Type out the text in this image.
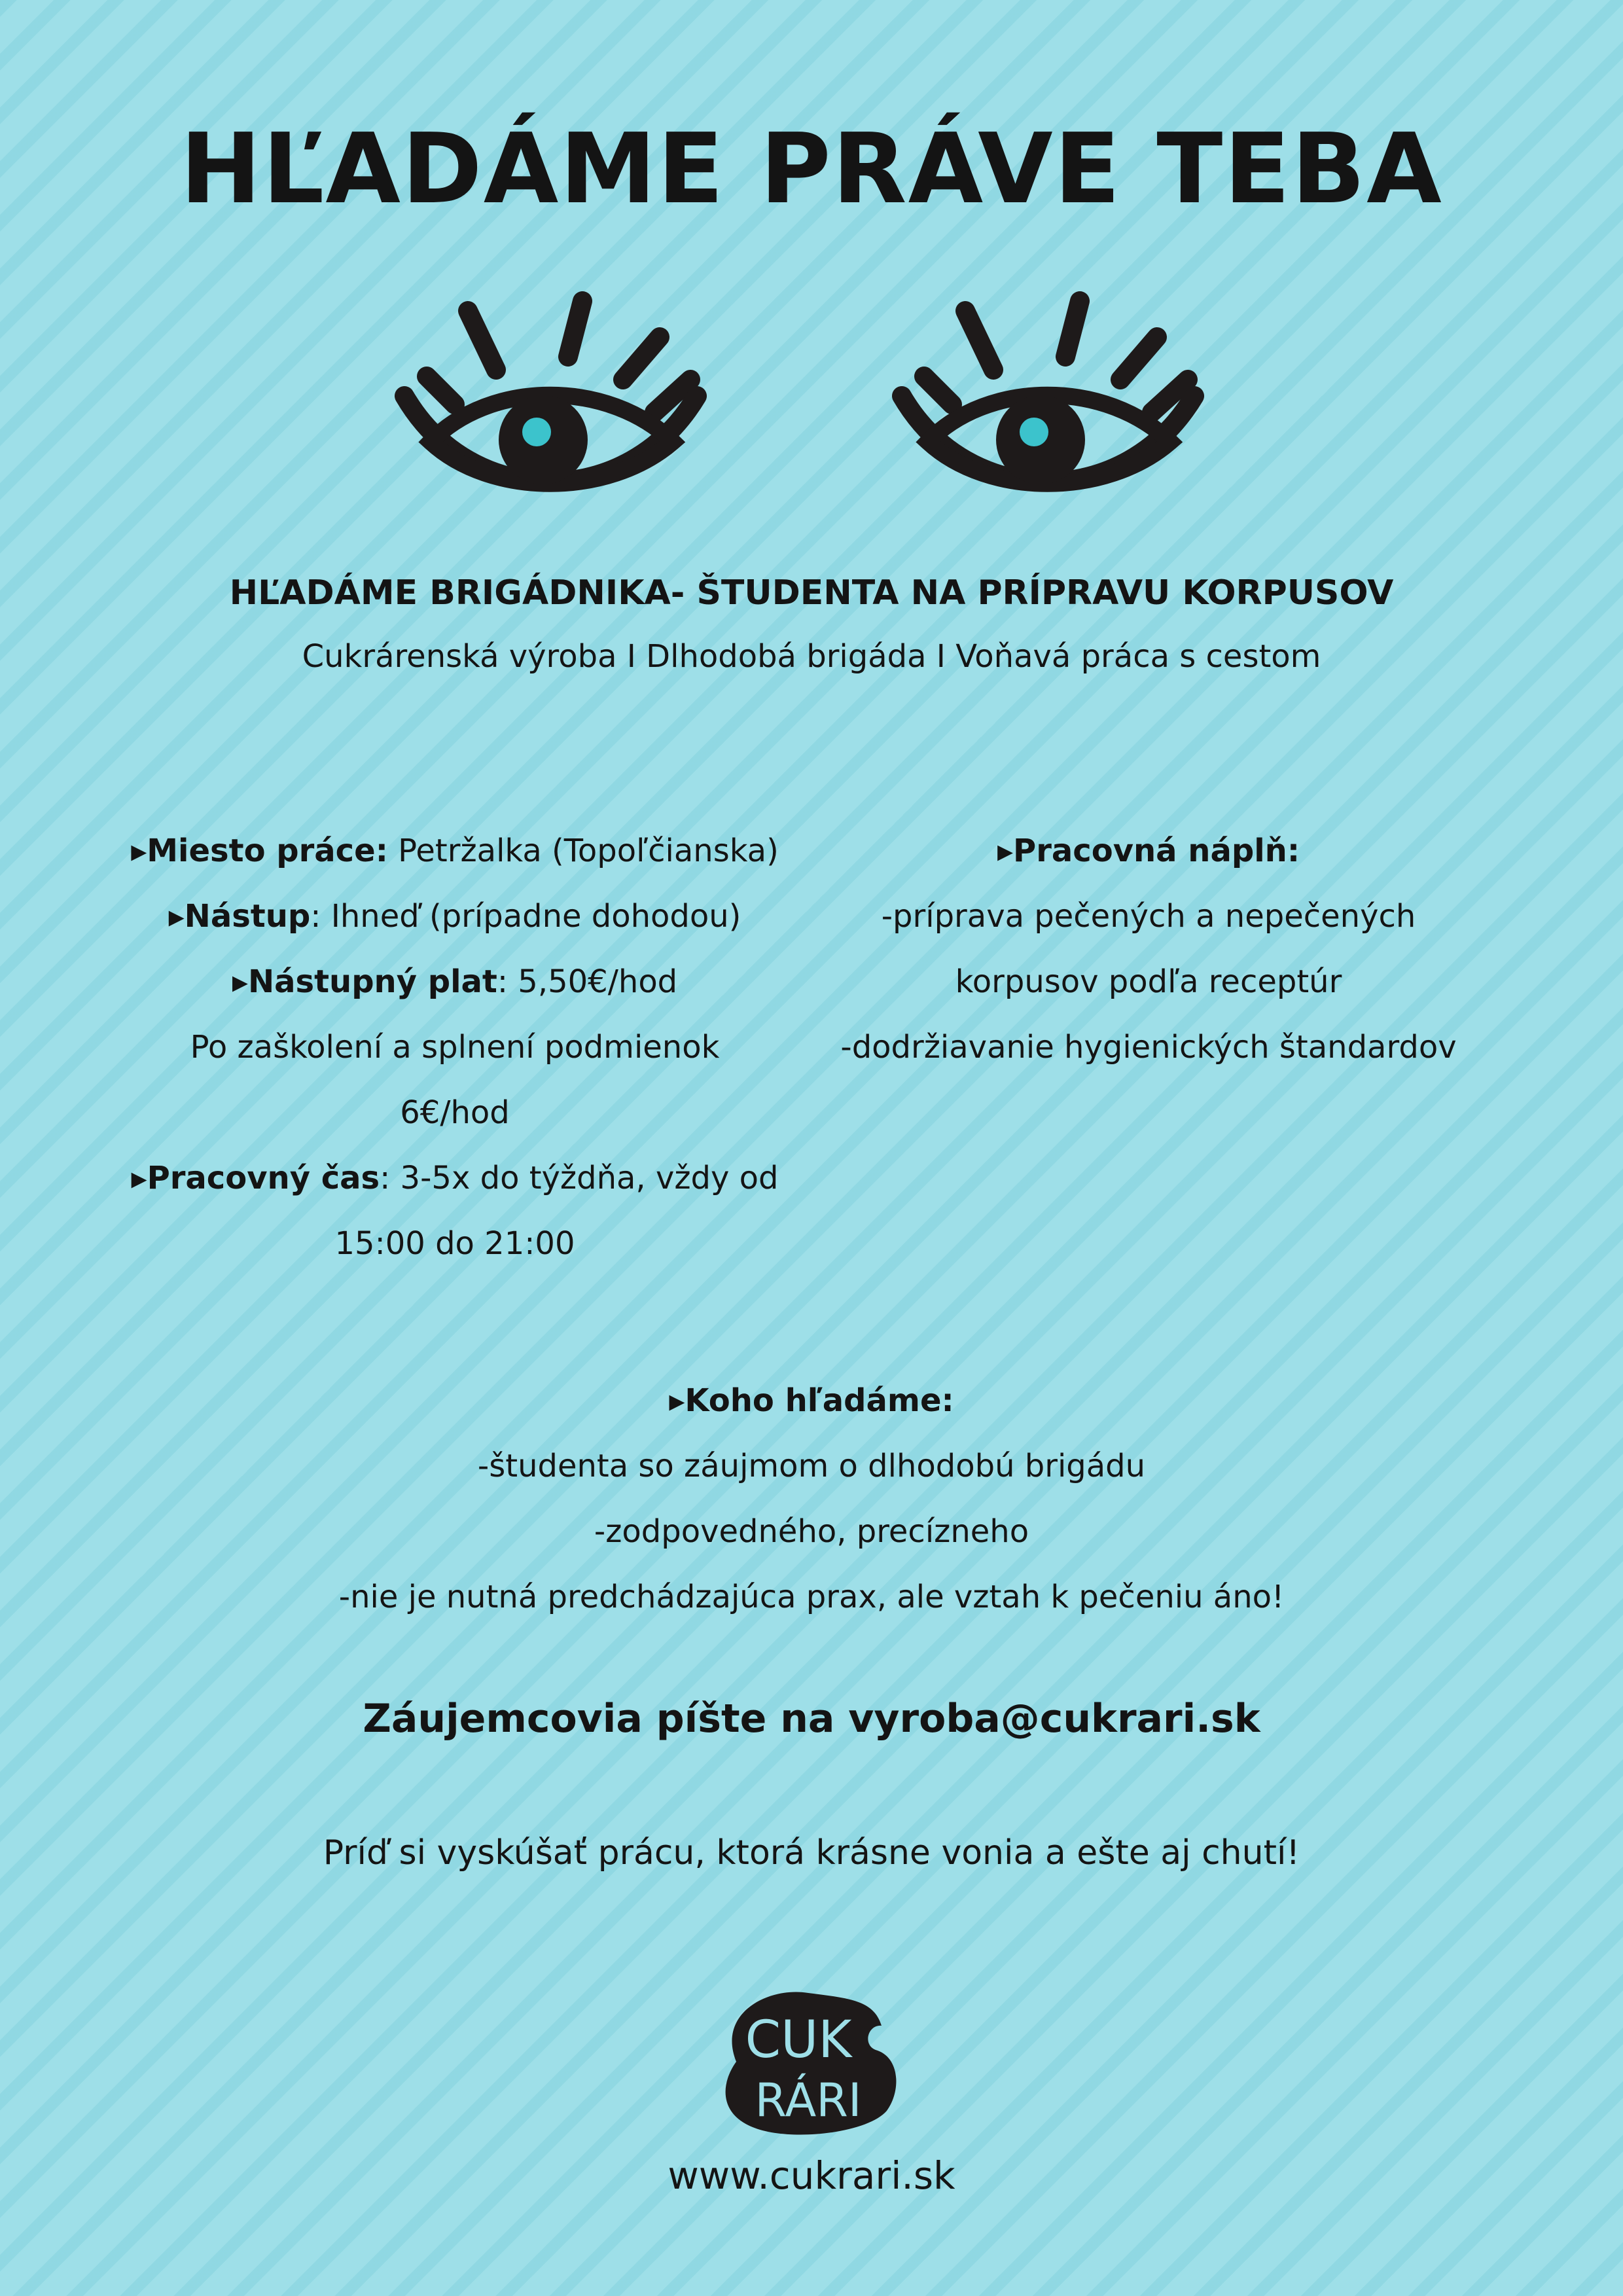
HĽADÁME PRÁVE TEBA
HĽADÁME BRIGÁDNIKA- ŠTUDENTA NA PRÍPRAVU KORPUSOV
Cukrárenská výroba I Dlhodobá brigáda I Voňavá práca s cestom
▸Miesto práce: Petržalka (Topoľčianska)
▸Nástup: Ihneď (prípadne dohodou)
▸Nástupný plat: 5,50€/hod
Po zaškolení a splnení podmienok
6€/hod
▸Pracovný čas: 3-5x do týždňa, vždy od
15:00 do 21:00
▸Pracovná náplň:
-príprava pečených a nepečených
korpusov podľa receptúr
-dodržiavanie hygienických štandardov
▸Koho hľadáme:
-študenta so záujmom o dlhodobú brigádu
-zodpovedného, precízneho
-nie je nutná predchádzajúca prax, ale vztah k pečeniu áno!
Záujemcovia píšte na vyroba@cukrari.sk
Príď si vyskúšať prácu, ktorá krásne vonia a ešte aj chutí!
CUK
RÁRI
www.cukrari.sk
